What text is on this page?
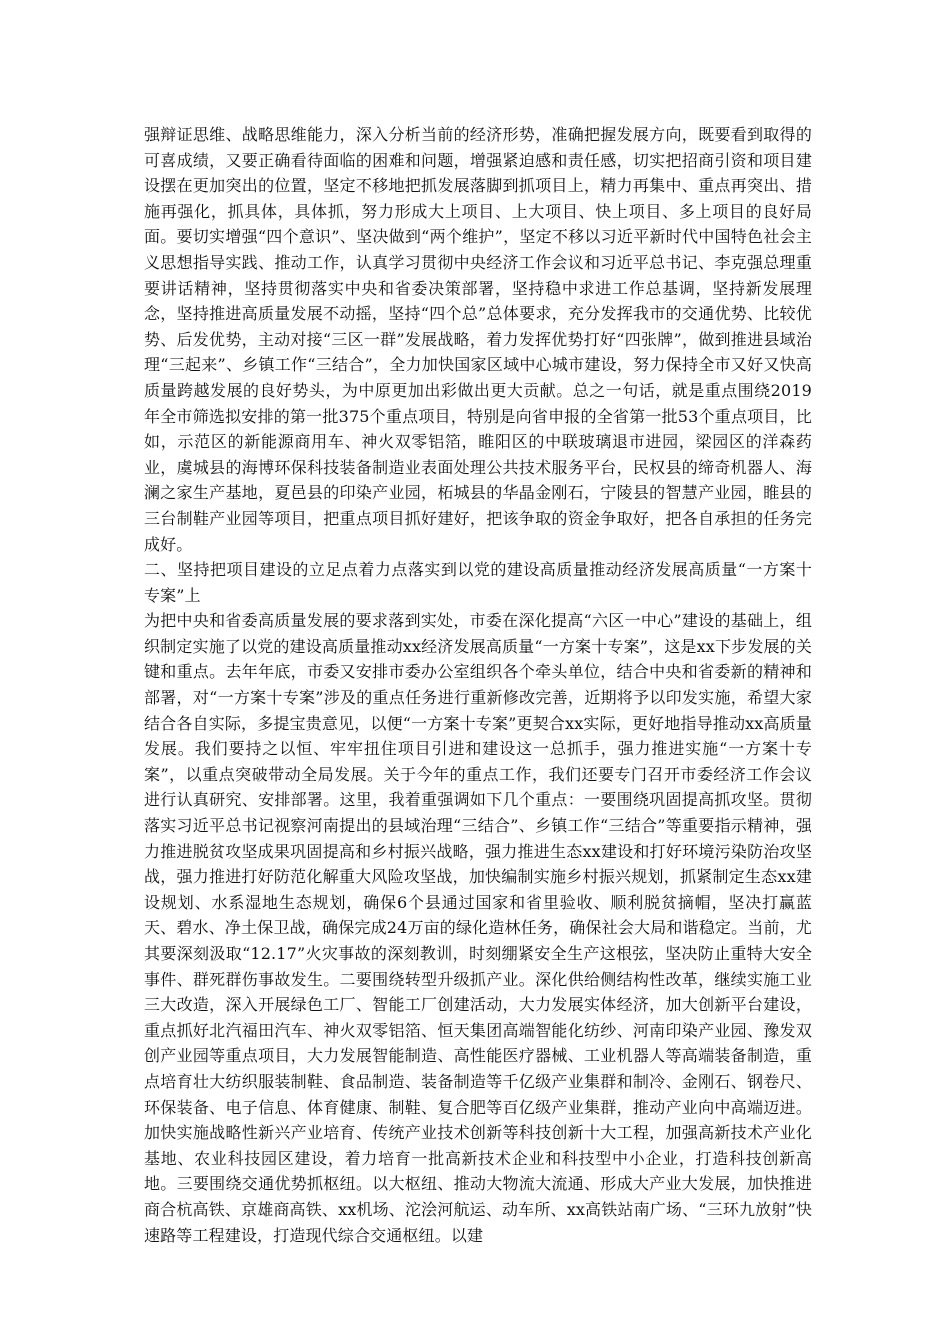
强辩证思维、战略思维能力，深入分析当前的经济形势，准确把握发展方向，既要看到取得的可喜成绩，又要正确看待面临的困难和问题，增强紧迫感和责任感，切实把招商引资和项目建设摆在更加突出的位置，坚定不移地把抓发展落脚到抓项目上，精力再集中、重点再突出、措施再强化，抓具体，具体抓，努力形成大上项目、上大项目、快上项目、多上项目的良好局面。要切实增强“四个意识”、坚决做到“两个维护”，坚定不移以习近平新时代中国特色社会主义思想指导实践、推动工作，认真学习贯彻中央经济工作会议和习近平总书记、李克强总理重要讲话精神，坚持贯彻落实中央和省委决策部署，坚持稳中求进工作总基调，坚持新发展理念，坚持推进高质量发展不动摇，坚持“四个总”总体要求，充分发挥我市的交通优势、比较优势、后发优势，主动对接“三区一群”发展战略，着力发挥优势打好“四张牌”，做到推进县域治理“三起来”、乡镇工作“三结合”，全力加快国家区域中心城市建设，努力保持全市又好又快高质量跨越发展的良好势头，为中原更加出彩做出更大贡献。总之一句话，就是重点围绕2019年全市筛选拟安排的第一批375个重点项目，特别是向省申报的全省第一批53个重点项目，比如，示范区的新能源商用车、神火双零铝箔，睢阳区的中联玻璃退市进园，梁园区的洋森药业，虞城县的海博环保科技装备制造业表面处理公共技术服务平台，民权县的缔奇机器人、海澜之家生产基地，夏邑县的印染产业园，柘城县的华晶金刚石，宁陵县的智慧产业园，睢县的三台制鞋产业园等项目，把重点项目抓好建好，把该争取的资金争取好，把各自承担的任务完成好。

二、坚持把项目建设的立足点着力点落实到以党的建设高质量推动经济发展高质量“一方案十专案”上

为把中央和省委高质量发展的要求落到实处，市委在深化提高“六区一中心”建设的基础上，组织制定实施了以党的建设高质量推动xx经济发展高质量“一方案十专案”，这是xx下步发展的关键和重点。去年年底，市委又安排市委办公室组织各个牵头单位，结合中央和省委新的精神和部署，对“一方案十专案”涉及的重点任务进行重新修改完善，近期将予以印发实施，希望大家结合各自实际，多提宝贵意见，以便“一方案十专案”更契合xx实际，更好地指导推动xx高质量发展。我们要持之以恒、牢牢扭住项目引进和建设这一总抓手，强力推进实施“一方案十专案”，以重点突破带动全局发展。关于今年的重点工作，我们还要专门召开市委经济工作会议进行认真研究、安排部署。这里，我着重强调如下几个重点：一要围绕巩固提高抓攻坚。贯彻落实习近平总书记视察河南提出的县域治理“三结合”、乡镇工作“三结合”等重要指示精神，强力推进脱贫攻坚成果巩固提高和乡村振兴战略，强力推进生态xx建设和打好环境污染防治攻坚战，强力推进打好防范化解重大风险攻坚战，加快编制实施乡村振兴规划，抓紧制定生态xx建设规划、水系湿地生态规划，确保6个县通过国家和省里验收、顺利脱贫摘帽，坚决打赢蓝天、碧水、净土保卫战，确保完成24万亩的绿化造林任务，确保社会大局和谐稳定。当前，尤其要深刻汲取“12.17”火灾事故的深刻教训，时刻绷紧安全生产这根弦，坚决防止重特大安全事件、群死群伤事故发生。二要围绕转型升级抓产业。深化供给侧结构性改革，继续实施工业三大改造，深入开展绿色工厂、智能工厂创建活动，大力发展实体经济，加大创新平台建设，重点抓好北汽福田汽车、神火双零铝箔、恒天集团高端智能化纺纱、河南印染产业园、豫发双创产业园等重点项目，大力发展智能制造、高性能医疗器械、工业机器人等高端装备制造，重点培育壮大纺织服装制鞋、食品制造、装备制造等千亿级产业集群和制冷、金刚石、钢卷尺、环保装备、电子信息、体育健康、制鞋、复合肥等百亿级产业集群，推动产业向中高端迈进。加快实施战略性新兴产业培育、传统产业技术创新等科技创新十大工程，加强高新技术产业化基地、农业科技园区建设，着力培育一批高新技术企业和科技型中小企业，打造科技创新高地。三要围绕交通优势抓枢纽。以大枢纽、推动大物流大流通、形成大产业大发展，加快推进商合杭高铁、京雄商高铁、xx机场、沱浍河航运、动车所、xx高铁站南广场、“三环九放射”快速路等工程建设，打造现代综合交通枢纽。以建
